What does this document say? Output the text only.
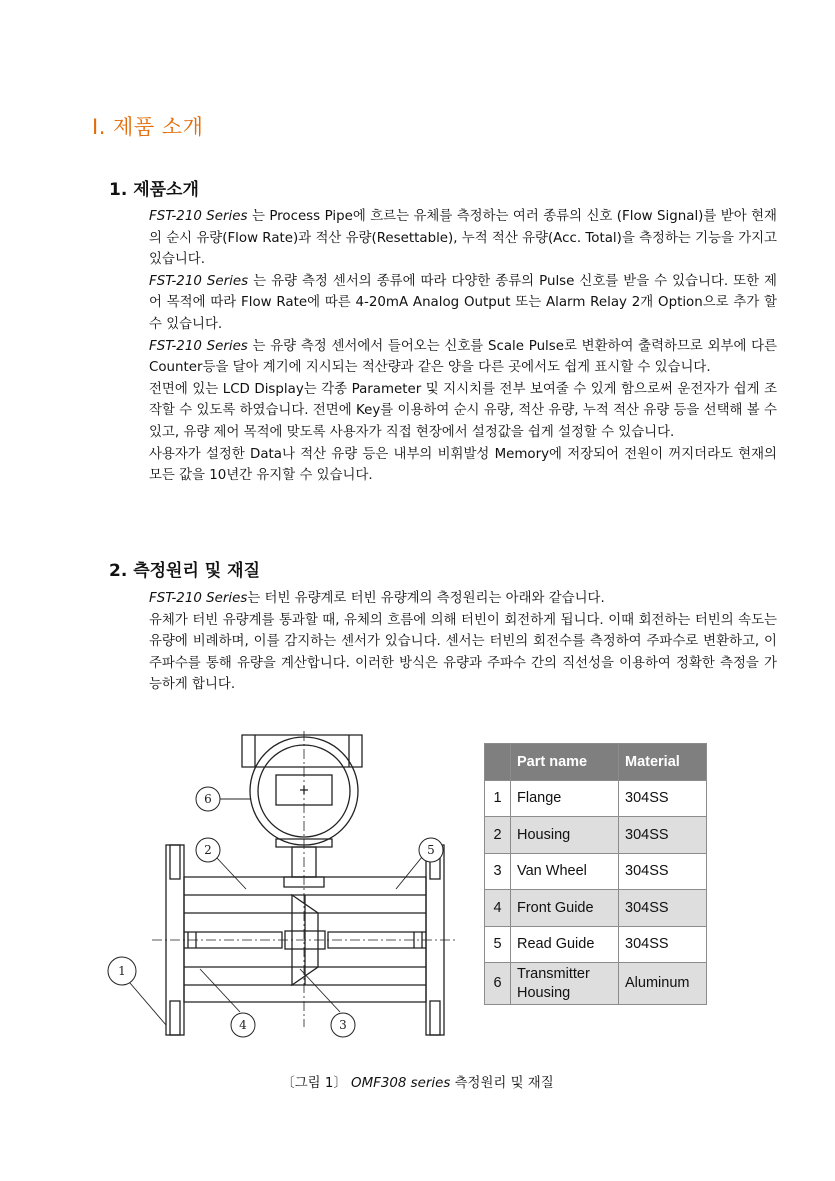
I. 제품 소개
1. 제품소개

FST-210 Series 는 Process Pipe에 흐르는 유체를 측정하는 여러 종류의 신호 (Flow Signal)를 받아 현재의 순시 유량(Flow Rate)과 적산 유량(Resettable), 누적 적산 유량(Acc. Total)을 측정하는 기능을 가지고 있습니다.

FST-210 Series 는 유량 측정 센서의 종류에 따라 다양한 종류의 Pulse 신호를 받을 수 있습니다. 또한 제어 목적에 따라 Flow Rate에 따른 4-20mA Analog Output 또는 Alarm Relay 2개 Option으로 추가 할 수 있습니다.

FST-210 Series 는 유량 측정 센서에서 들어오는 신호를 Scale Pulse로 변환하여 출력하므로 외부에 다른 Counter등을 달아 계기에 지시되는 적산량과 같은 양을 다른 곳에서도 쉽게 표시할 수 있습니다.

전면에 있는 LCD Display는 각종 Parameter 및 지시치를 전부 보여줄 수 있게 함으로써 운전자가 쉽게 조작할 수 있도록 하였습니다. 전면에 Key를 이용하여 순시 유량, 적산 유량, 누적 적산 유량 등을 선택해 볼 수 있고, 유량 제어 목적에 맞도록 사용자가 직접 현장에서 설정값을 쉽게 설정할 수 있습니다.

사용자가 설정한 Data나 적산 유량 등은 내부의 비휘발성 Memory에 저장되어 전원이 꺼지더라도 현재의 모든 값을 10년간 유지할 수 있습니다.

2. 측정원리 및 재질

FST-210 Series는 터빈 유량계로 터빈 유량계의 측정원리는 아래와 같습니다.

유체가 터빈 유량계를 통과할 때, 유체의 흐름에 의해 터빈이 회전하게 됩니다. 이때 회전하는 터빈의 속도는 유량에 비례하며, 이를 감지하는 센서가 있습니다. 센서는 터빈의 회전수를 측정하여 주파수로 변환하고, 이 주파수를 통해 유량을 계산합니다. 이러한 방식은 유량과 주파수 간의 직선성을 이용하여 정확한 측정을 가능하게 합니다.

6
2	5
1
4	3
	Part name	Material
1	Flange	304SS
2	Housing	304SS
3	Van Wheel	304SS
4	Front Guide	304SS
5	Read Guide	304SS
6	Transmitter Housing	Aluminum
〔그림 1〕 OMF308 series 측정원리 및 재질
